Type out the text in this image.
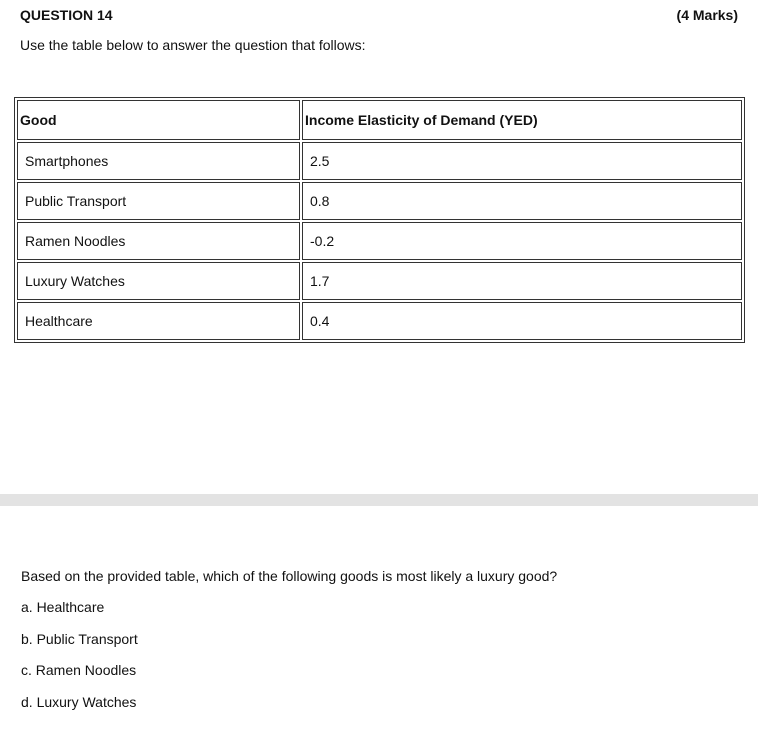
QUESTION 14	(4 Marks)
Use the table below to answer the question that follows:
Good	Income Elasticity of Demand (YED)
Smartphones	2.5
Public Transport	0.8
Ramen Noodles	-0.2
Luxury Watches	1.7
Healthcare	0.4
Based on the provided table, which of the following goods is most likely a luxury good?
a. Healthcare
b. Public Transport
c. Ramen Noodles
d. Luxury Watches
